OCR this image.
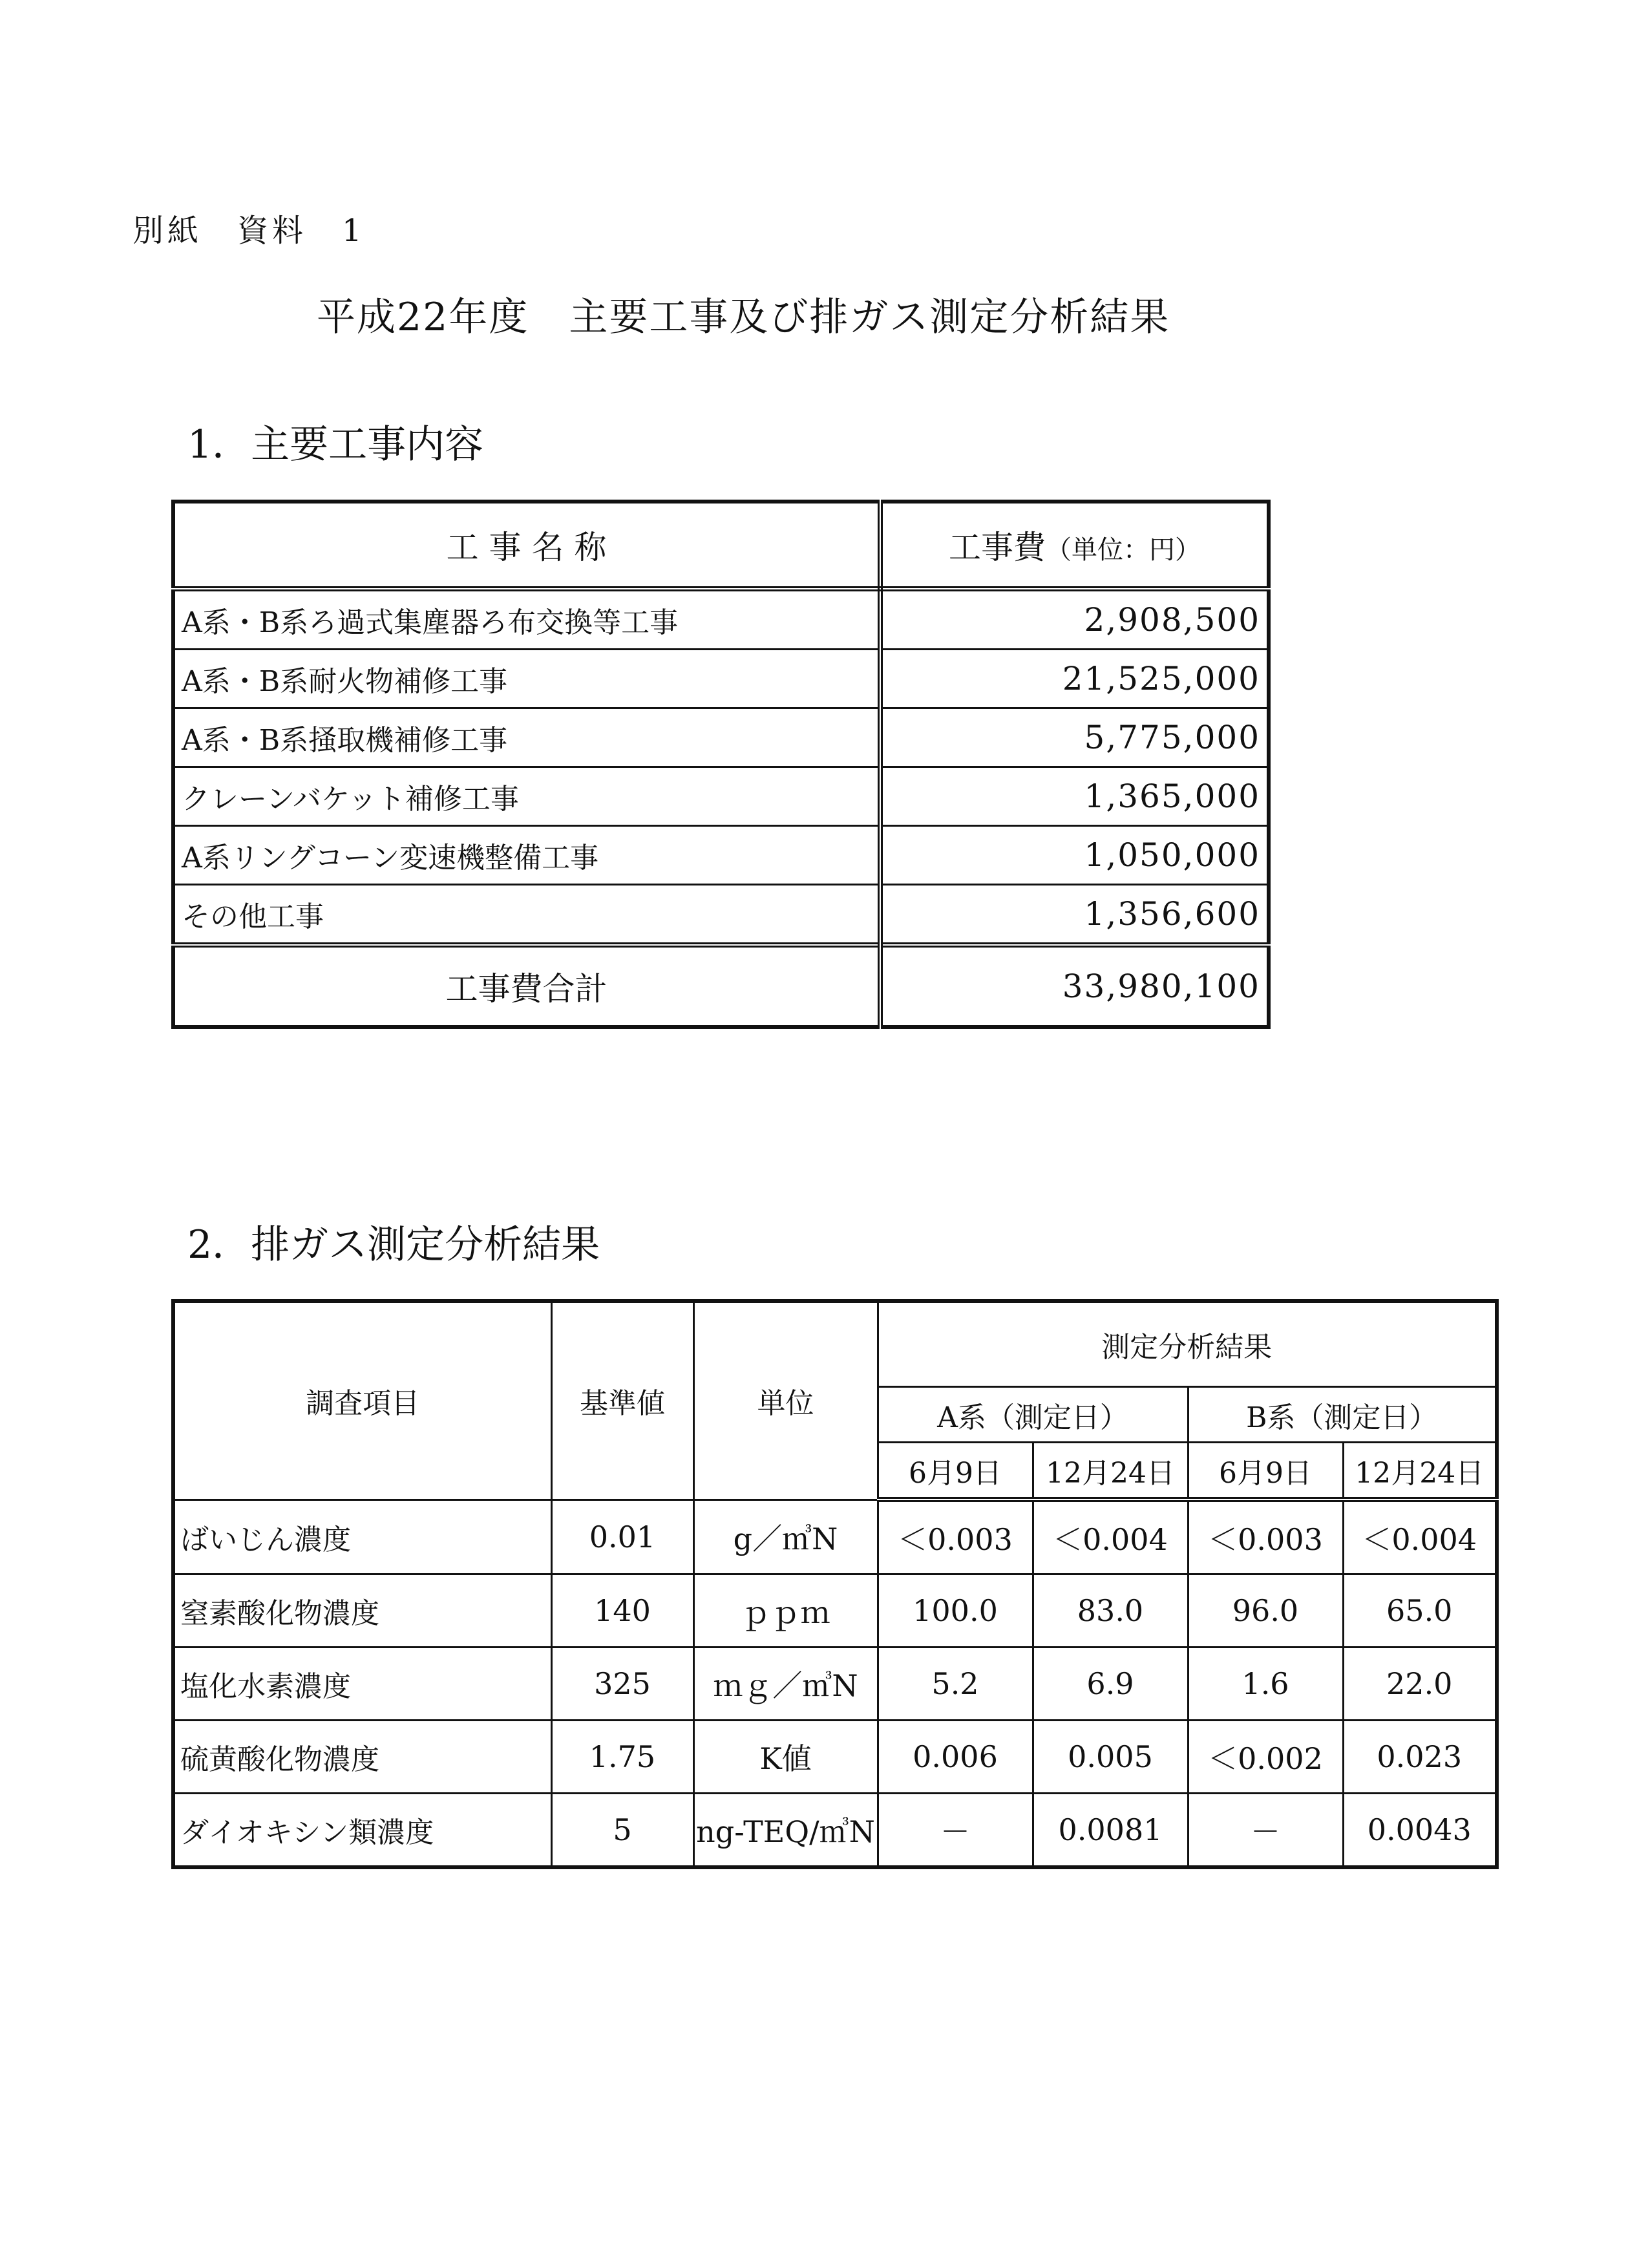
別紙　資料　1
平成22年度　主要工事及び排ガス測定分析結果
1．主要工事内容
工 事 名 称	工事費（単位：円）
A系・B系ろ過式集塵器ろ布交換等工事	2,908,500
A系・B系耐火物補修工事	21,525,000
A系・B系掻取機補修工事	5,775,000
クレーンバケット補修工事	1,365,000
A系リングコーン変速機整備工事	1,050,000
その他工事	1,356,600
工事費合計	33,980,100
2．排ガス測定分析結果
調査項目	基準値	単位	測定分析結果			
			A系（測定日）		B系（測定日）	
			6月9日	12月24日	6月9日	12月24日
ばいじん濃度	0.01	g／㎥N	＜0.003	＜0.004	＜0.003	＜0.004
窒素酸化物濃度	140	ｐｐｍ	100.0	83.0	96.0	65.0
塩化水素濃度	325	ｍｇ／㎥N	5.2	6.9	1.6	22.0
硫黄酸化物濃度	1.75	K値	0.006	0.005	＜0.002	0.023
ダイオキシン類濃度	5	ng-TEQ/㎥N	－	0.0081	－	0.0043
